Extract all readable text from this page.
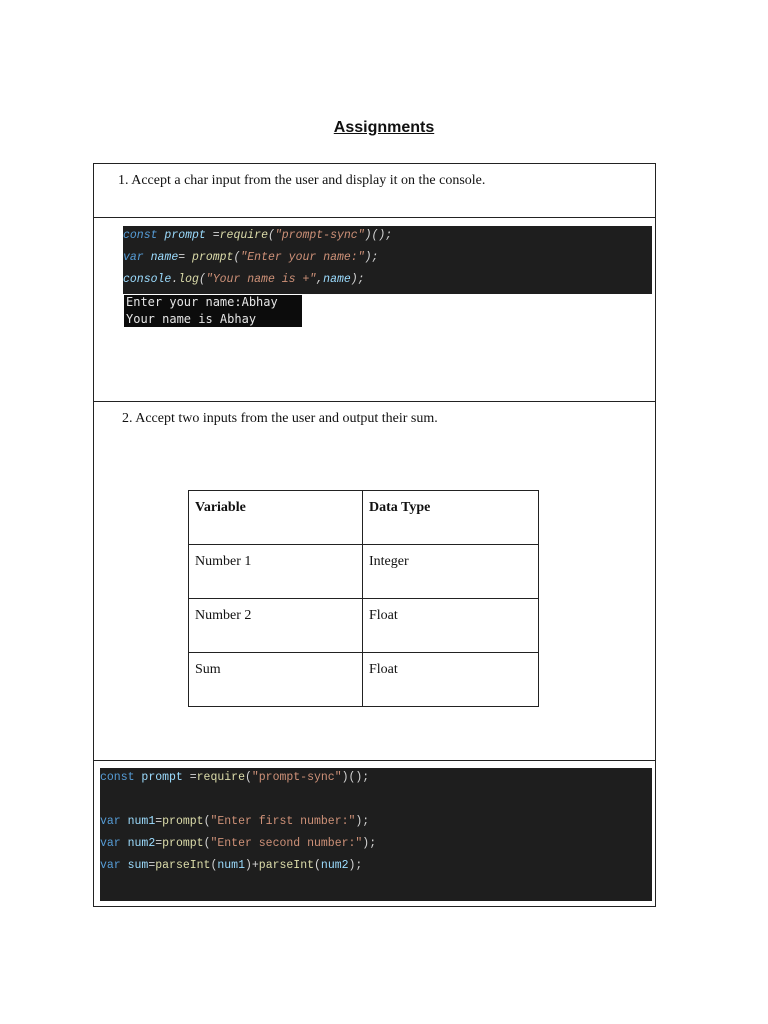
Assignments
1. Accept a char input from the user and display it on the console.
const prompt =require("prompt-sync")();
var name= prompt("Enter your name:");
console.log("Your name is +",name);
Enter your name:Abhay
Your name is Abhay
2. Accept two inputs from the user and output their sum.
Variable	Data Type
Number 1	Integer
Number 2	Float
Sum	Float
const prompt =require("prompt-sync")();
var num1=prompt("Enter first number:");
var num2=prompt("Enter second number:");
var sum=parseInt(num1)+parseInt(num2);
